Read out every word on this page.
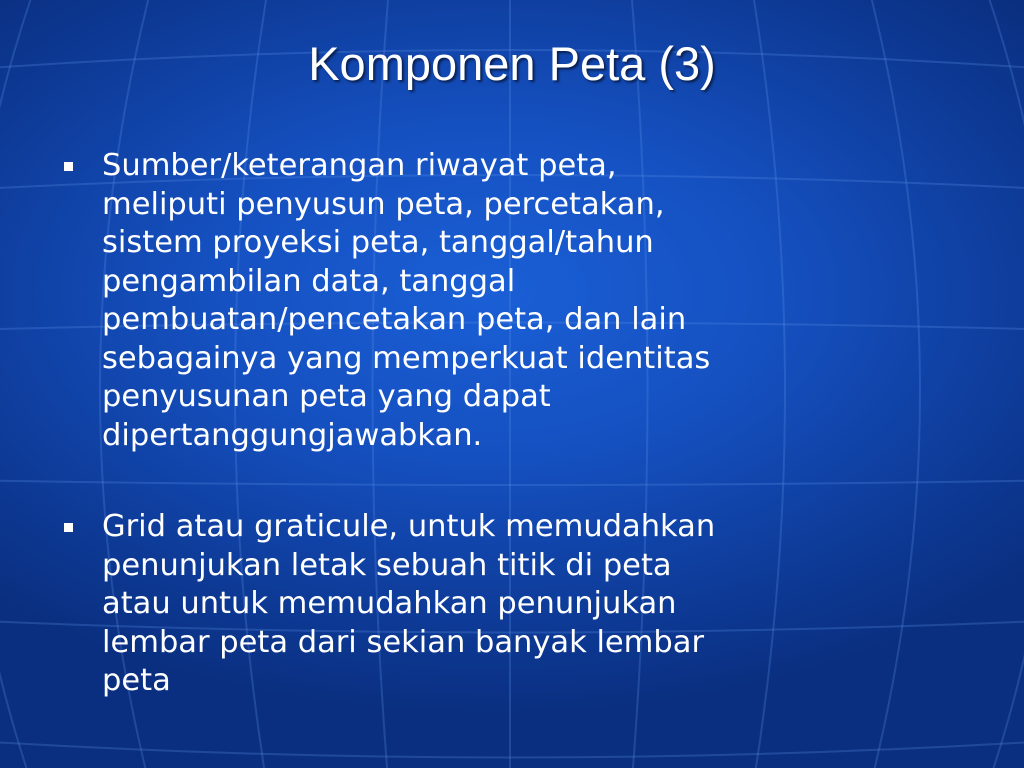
Komponen Peta (3)
Sumber/keterangan riwayat peta,
meliputi penyusun peta, percetakan,
sistem proyeksi peta, tanggal/tahun
pengambilan data, tanggal
pembuatan/pencetakan peta, dan lain
sebagainya yang memperkuat identitas
penyusunan peta yang dapat
dipertanggungjawabkan.
Grid atau graticule, untuk memudahkan
penunjukan letak sebuah titik di peta
atau untuk memudahkan penunjukan
lembar peta dari sekian banyak lembar
peta
